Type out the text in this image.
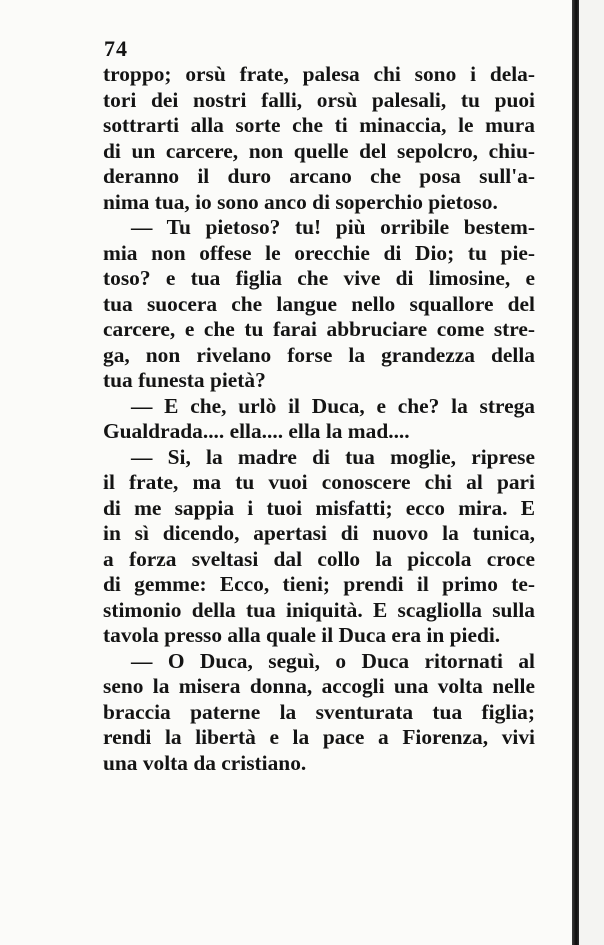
74
troppo; orsù frate, palesa chi sono i dela-
tori dei nostri falli, orsù palesali, tu puoi
sottrarti alla sorte che ti minaccia, le mura
di un carcere, non quelle del sepolcro, chiu-
deranno il duro arcano che posa sull'a-
nima tua, io sono anco di soperchio pietoso.
— Tu pietoso? tu! più orribile bestem-
mia non offese le orecchie di Dio; tu pie-
toso? e tua figlia che vive di limosine, e
tua suocera che langue nello squallore del
carcere, e che tu farai abbruciare come stre-
ga, non rivelano forse la grandezza della
tua funesta pietà?
— E che, urlò il Duca, e che? la strega
Gualdrada.... ella.... ella la mad....
— Si, la madre di tua moglie, riprese
il frate, ma tu vuoi conoscere chi al pari
di me sappia i tuoi misfatti; ecco mira. E
in sì dicendo, apertasi di nuovo la tunica,
a forza sveltasi dal collo la piccola croce
di gemme: Ecco, tieni; prendi il primo te-
stimonio della tua iniquità. E scagliolla sulla
tavola presso alla quale il Duca era in piedi.
— O Duca, seguì, o Duca ritornati al
seno la misera donna, accogli una volta nelle
braccia paterne la sventurata tua figlia;
rendi la libertà e la pace a Fiorenza, vivi
una volta da cristiano.
